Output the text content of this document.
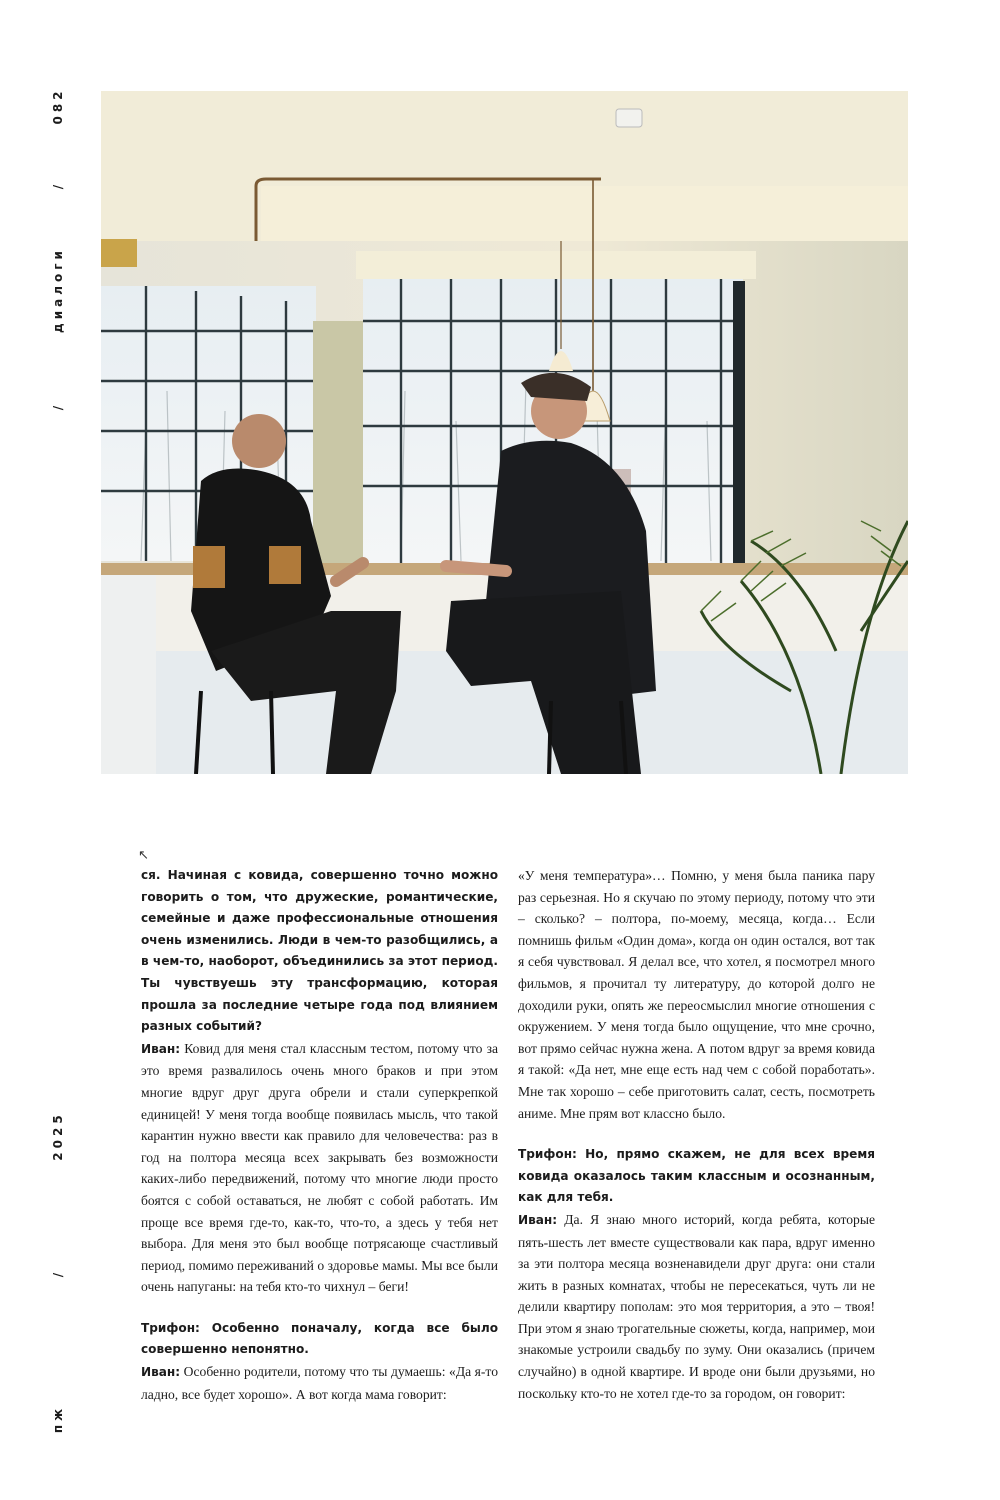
082
/
диалоги
/
2025
/
пж
↖

ся. Начиная с ковида, совершенно точно можно говорить о том, что дружеские, романтические, семейные и даже профессиональные отношения очень изменились. Люди в чем-то разобщились, а в чем-то, наоборот, объединились за этот период. Ты чувствуешь эту трансформацию, которая прошла за последние четыре года под влиянием разных событий?

Иван: Ковид для меня стал классным тестом, потому что за это время развалилось очень много браков и при этом многие вдруг друг друга обрели и стали суперкрепкой единицей! У меня тогда вообще появилась мысль, что такой карантин нужно ввести как правило для человечества: раз в год на полтора месяца всех закрывать без возможности каких-либо передвижений, потому что многие люди просто боятся с собой оставаться, не любят с собой работать. Им проще все время где-то, как-то, что-то, а здесь у тебя нет выбора. Для меня это был вообще потрясающе счастливый период, помимо переживаний о здоровье мамы. Мы все были очень напуганы: на тебя кто-то чихнул – беги!

Трифон: Особенно поначалу, когда все было совершенно непонятно.

Иван: Особенно родители, потому что ты думаешь: «Да я-то ладно, все будет хорошо». А вот когда мама говорит:

«У меня температура»… Помню, у меня была паника пару раз серьезная. Но я скучаю по этому периоду, потому что эти – сколько? – полтора, по-моему, месяца, когда… Если помнишь фильм «Один дома», когда он один остался, вот так я себя чувствовал. Я делал все, что хотел, я посмотрел много фильмов, я прочитал ту литературу, до которой долго не доходили руки, опять же переосмыслил многие отношения с окружением. У меня тогда было ощущение, что мне срочно, вот прямо сейчас нужна жена. А потом вдруг за время ковида я такой: «Да нет, мне еще есть над чем с собой поработать». Мне так хорошо – себе приготовить салат, сесть, посмотреть аниме. Мне прям вот классно было.

Трифон: Но, прямо скажем, не для всех время ковида оказалось таким классным и осознанным, как для тебя.

Иван: Да. Я знаю много историй, когда ребята, которые пять-шесть лет вместе существовали как пара, вдруг именно за эти полтора месяца возненавидели друг друга: они стали жить в разных комнатах, чтобы не пересекаться, чуть ли не делили квартиру пополам: это моя территория, а это – твоя! При этом я знаю трогательные сюжеты, когда, например, мои знакомые устроили свадьбу по зуму. Они оказались (причем случайно) в одной квартире. И вроде они были друзьями, но поскольку кто-то не хотел где-то за городом, он говорит:
